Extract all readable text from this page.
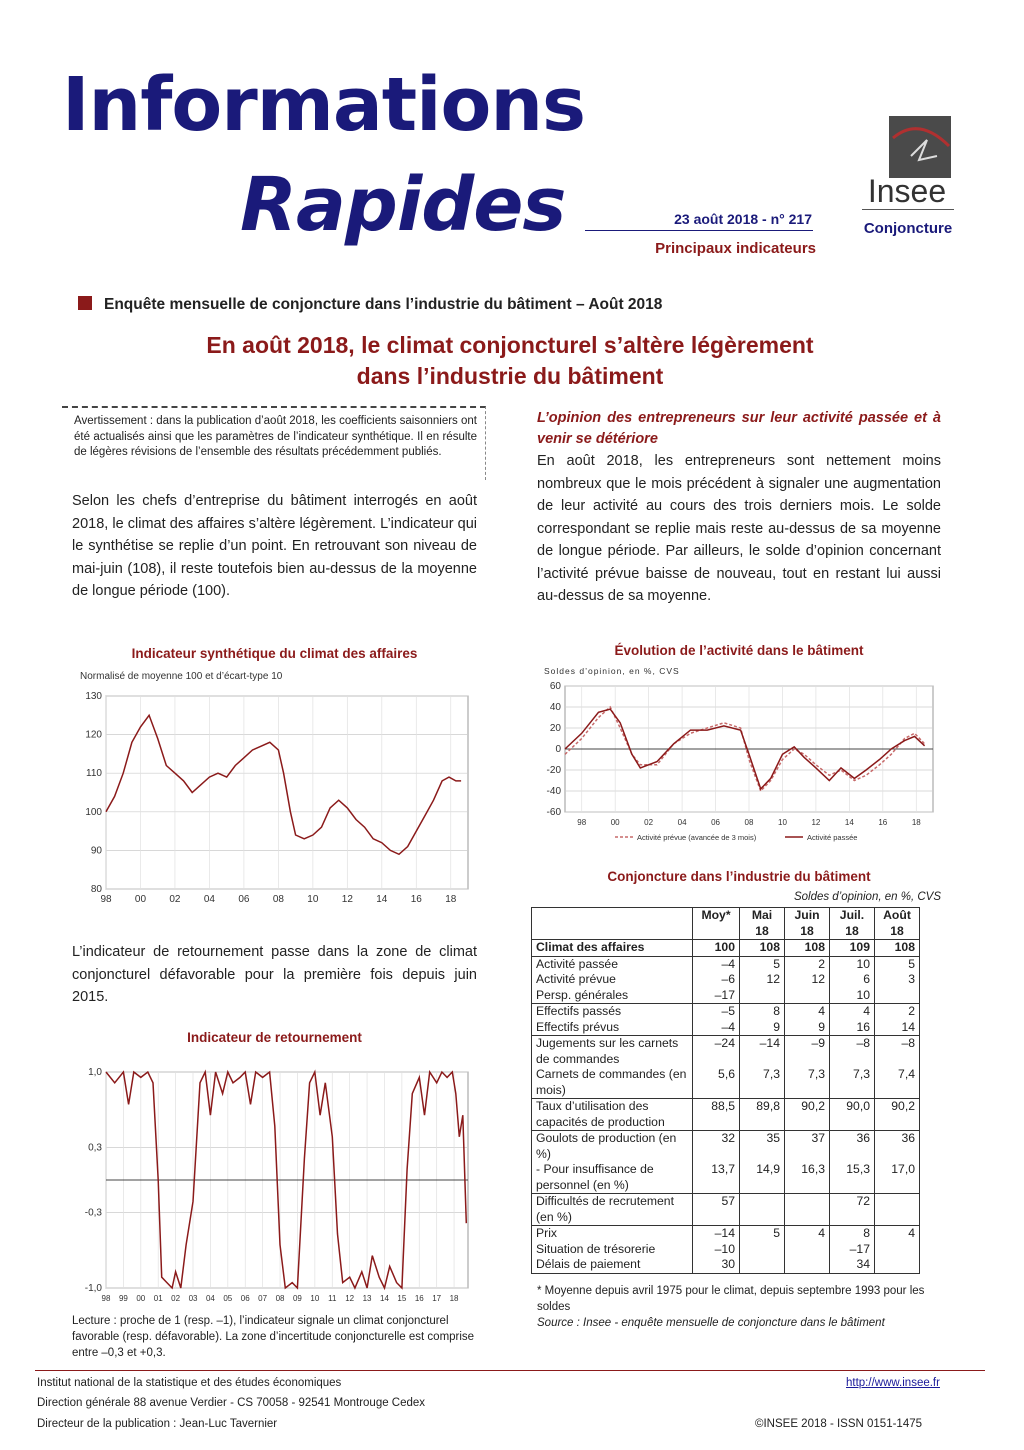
Informations
Rapides	23 août 2018 - n° 217
Principaux indicateurs
Insee
Conjoncture
Enquête mensuelle de conjoncture dans l’industrie du bâtiment – Août 2018
En août 2018, le climat conjoncturel s’altère légèrement
dans l’industrie du bâtiment
Avertissement : dans la publication d’août 2018, les coefficients saisonniers ont été actualisés ainsi que les paramètres de l’indicateur synthétique. Il en résulte de légères révisions de l’ensemble des résultats précédemment publiés.
Selon les chefs d’entreprise du bâtiment interrogés en août 2018, le climat des affaires s’altère légèrement. L’indicateur qui le synthétise se replie d’un point. En retrouvant son niveau de mai-juin (108), il reste toutefois bien au-dessus de la moyenne de longue période (100).
Indicateur synthétique du climat des affaires
Normalisé de moyenne 100 et d’écart-type 10
80
90
100
110
120
130
98 00 02 04 06 08 10 12 14 16 18
L’indicateur de retournement passe dans la zone de climat conjoncturel défavorable pour la première fois depuis juin 2015.
Indicateur de retournement
1,0
0,3
-0,3
-1,0
98 99 00 01 02 03 04 05 06 07 08 09 10 11 12 13 14 15 16 17 18
Lecture : proche de 1 (resp. –1), l’indicateur signale un climat conjoncturel favorable (resp. défavorable). La zone d’incertitude conjoncturelle est comprise entre –0,3 et +0,3.
L’opinion des entrepreneurs sur leur activité passée et à venir se détériore
En août 2018, les entrepreneurs sont nettement moins nombreux que le mois précédent à signaler une augmentation de leur activité au cours des trois derniers mois. Le solde correspondant se replie mais reste au-dessus de sa moyenne de longue période. Par ailleurs, le solde d’opinion concernant l’activité prévue baisse de nouveau, tout en restant lui aussi au-dessus de sa moyenne.
Évolution de l’activité dans le bâtiment
Soldes d’opinion, en %, CVS
60
40
20
0
-20
-40
-60
98	00	02	04	06	08	10	12	14	16	18
Activité prévue (avancée de 3 mois)	Activité passée
Conjoncture dans l’industrie du bâtiment
Soldes d’opinion, en %, CVS
	Moy*	Mai 18	Juin 18	Juil. 18	Août 18
Climat des affaires	100	108	108	109	108
Activité passée	–4	5	2	10	5
Activité prévue	–6	12	12	6	3
Persp. générales	–17			10	
Effectifs passés	–5	8	4	4	2
Effectifs prévus	–4	9	9	16	14
Jugements sur les carnets de commandes	–24	–14	–9	–8	–8
Carnets de commandes (en mois)	5,6	7,3	7,3	7,3	7,4
Taux d’utilisation des capacités de production	88,5	89,8	90,2	90,0	90,2
Goulots de production (en %)	32	35	37	36	36
- Pour insuffisance de personnel (en %)	13,7	14,9	16,3	15,3	17,0
Difficultés de recrutement (en %)	57			72	
Prix	–14	5	4	8	4
Situation de trésorerie	–10			–17	
Délais de paiement	30			34	
* Moyenne depuis avril 1975 pour le climat, depuis septembre 1993 pour les soldes
Source : Insee - enquête mensuelle de conjoncture dans le bâtiment
Institut national de la statistique et des études économiques
Direction générale 88 avenue Verdier - CS 70058 - 92541 Montrouge Cedex
Directeur de la publication : Jean-Luc Tavernier
http://www.insee.fr
©INSEE 2018 - ISSN 0151-1475
